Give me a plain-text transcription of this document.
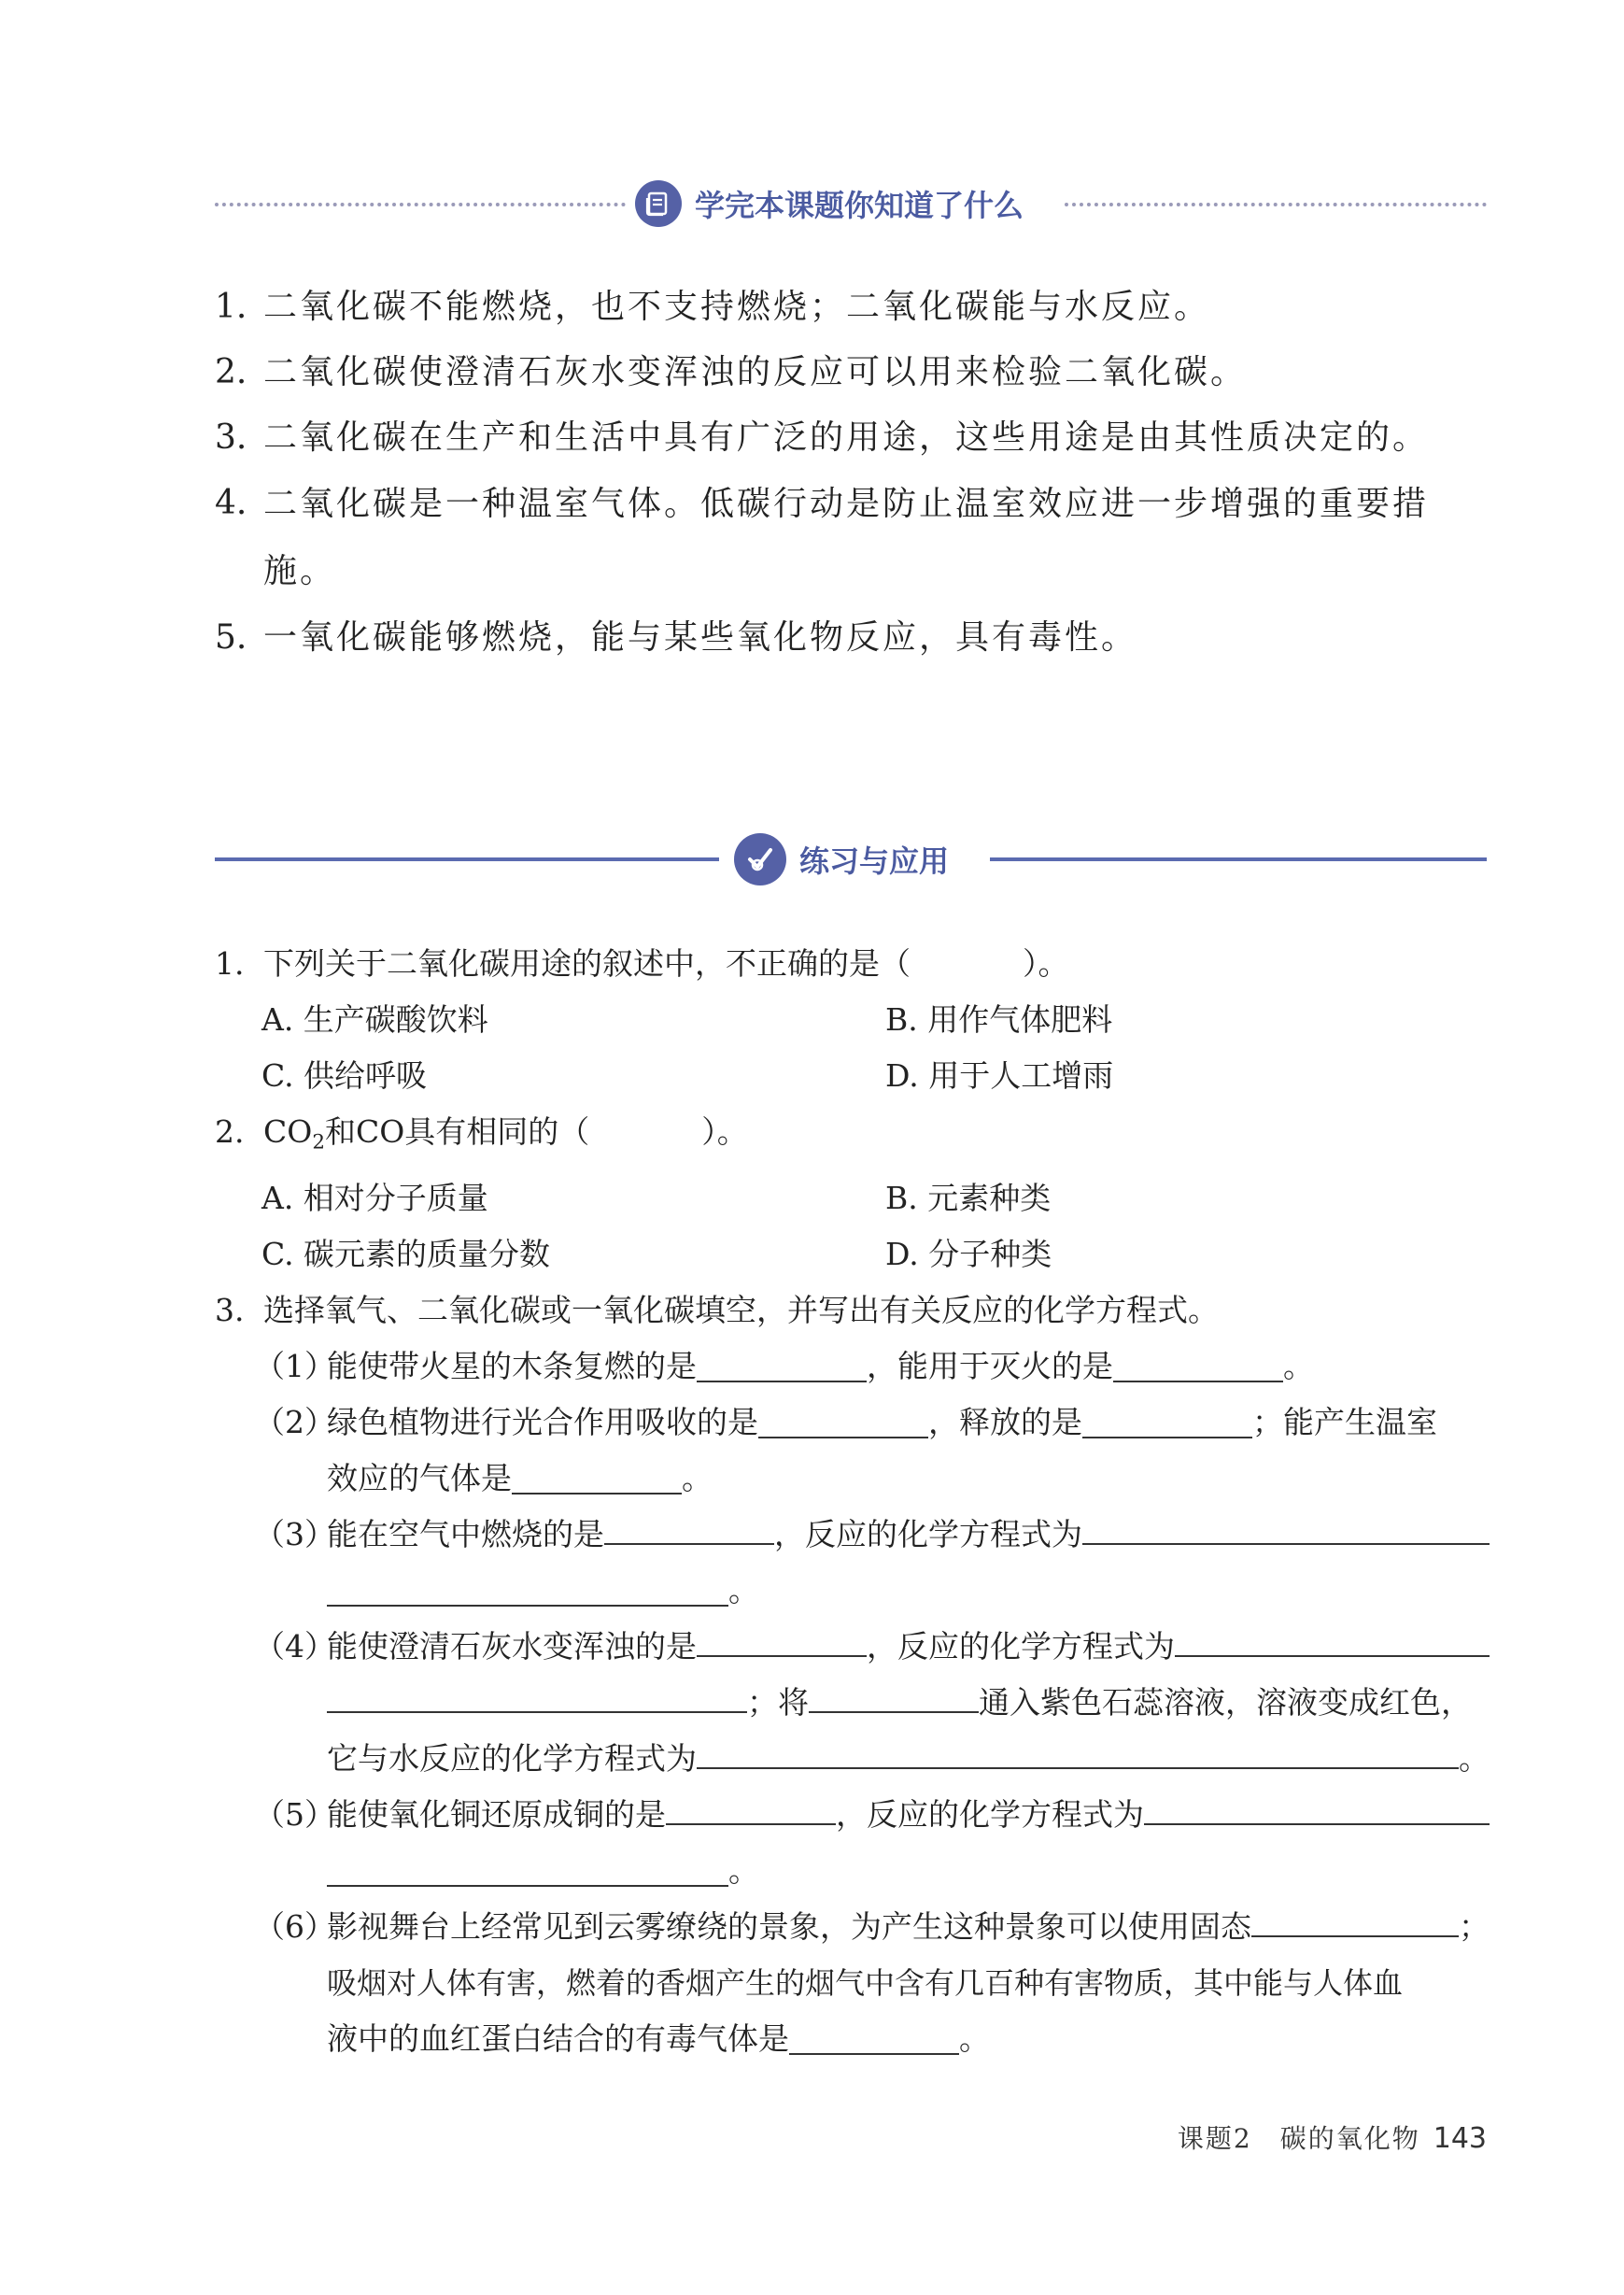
学完本课题你知道了什么
1. 二氧化碳不能燃烧，也不支持燃烧；二氧化碳能与水反应。
2. 二氧化碳使澄清石灰水变浑浊的反应可以用来检验二氧化碳。
3. 二氧化碳在生产和生活中具有广泛的用途，这些用途是由其性质决定的。
4. 二氧化碳是一种温室气体。低碳行动是防止温室效应进一步增强的重要措施。
5. 一氧化碳能够燃烧，能与某些氧化物反应，具有毒性。
练习与应用
1. 下列关于二氧化碳用途的叙述中，不正确的是（	）。
A. 生产碳酸饮料	B. 用作气体肥料
C. 供给呼吸	D. 用于人工增雨
2. CO2和CO具有相同的（	）。
A. 相对分子质量	B. 元素种类
C. 碳元素的质量分数	D. 分子种类
3. 选择氧气、二氧化碳或一氧化碳填空，并写出有关反应的化学方程式。
（1）
能使带火星的木条复燃的是	，能用于灭火的是	。
（2）
绿色植物进行光合作用吸收的是	，释放的是	；能产生温室
效应的气体是	。
（3）
能在空气中燃烧的是	，反应的化学方程式为
。
（4）
能使澄清石灰水变浑浊的是	，反应的化学方程式为
；将	通入紫色石蕊溶液，溶液变成红色，
它与水反应的化学方程式为	。
（5）
能使氧化铜还原成铜的是	，反应的化学方程式为
。
（6）
影视舞台上经常见到云雾缭绕的景象，为产生这种景象可以使用固态	；
吸烟对人体有害，燃着的香烟产生的烟气中含有几百种有害物质，其中能与人体血
液中的血红蛋白结合的有毒气体是	。
课题2　碳的氧化物 143
